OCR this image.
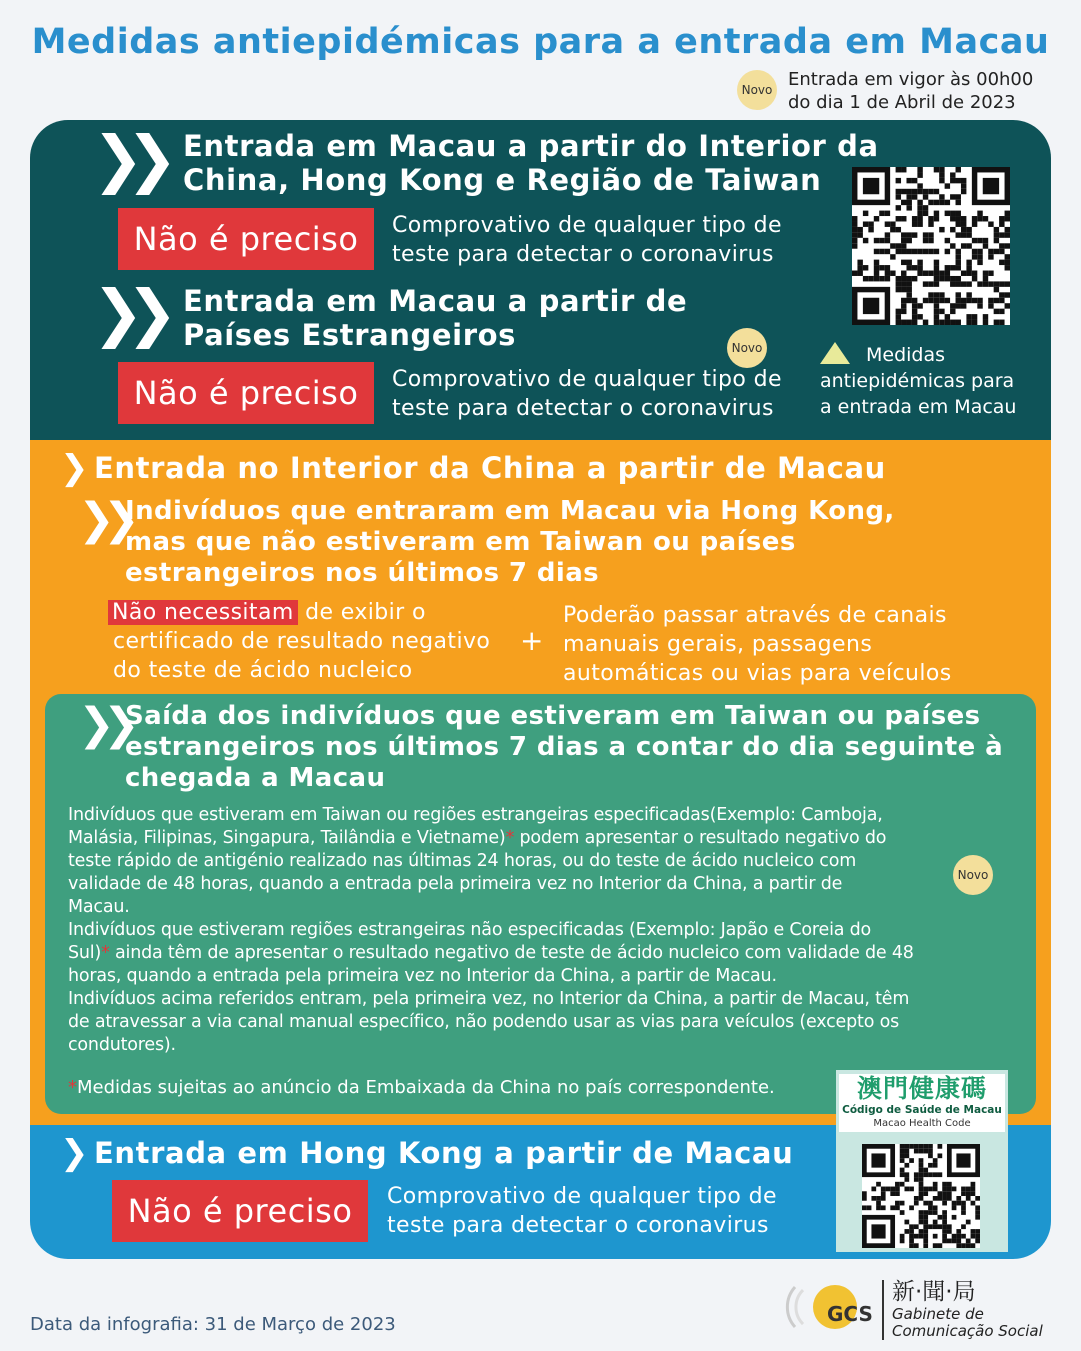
Medidas antiepidémicas para a entrada em Macau
Novo Entrada em vigor às 00h00
do dia 1 de Abril de 2023
❯❯ Entrada em Macau a partir do Interior da
China, Hong Kong e Região de Taiwan
Não é preciso	Comprovativo de qualquer tipo de
teste para detectar o coronavirus
❯❯ Entrada em Macau a partir de
Países Estrangeiros	Novo
Não é preciso	Comprovativo de qualquer tipo de
teste para detectar o coronavirus
Medidas
antiepidémicas para
a entrada em Macau
❯ Entrada no Interior da China a partir de Macau
❯❯
Indivíduos que entraram em Macau via Hong Kong,
mas que não estiveram em Taiwan ou países
estrangeiros nos últimos 7 dias
Não necessitam de exibir o
certificado de resultado negativo
do teste de ácido nucleico
+
Poderão passar através de canais
manuais gerais, passagens
automáticas ou vias para veículos
❯❯
Saída dos indivíduos que estiveram em Taiwan ou países
estrangeiros nos últimos 7 dias a contar do dia seguinte à
chegada a Macau
Indivíduos que estiveram em Taiwan ou regiões estrangeiras especificadas(Exemplo: Camboja,
Malásia, Filipinas, Singapura, Tailândia e Vietname)* podem apresentar o resultado negativo do
teste rápido de antigénio realizado nas últimas 24 horas, ou do teste de ácido nucleico com
validade de 48 horas, quando a entrada pela primeira vez no Interior da China, a partir de
Macau.
Indivíduos que estiveram regiões estrangeiras não especificadas (Exemplo: Japão e Coreia do
Sul)* ainda têm de apresentar o resultado negativo de teste de ácido nucleico com validade de 48
horas, quando a entrada pela primeira vez no Interior da China, a partir de Macau.
Indivíduos acima referidos entram, pela primeira vez, no Interior da China, a partir de Macau, têm
de atravessar a via canal manual específico, não podendo usar as vias para veículos (excepto os
condutores).
Novo
*Medidas sujeitas ao anúncio da Embaixada da China no país correspondente.
❯ Entrada em Hong Kong a partir de Macau
Não é preciso	Comprovativo de qualquer tipo de
teste para detectar o coronavirus
澳門健康碼
Código de Saúde de Macau
Macao Health Code
Data da infografia: 31 de Março de 2023	GCS
新·聞·局
Gabinete de
Comunicação Social
